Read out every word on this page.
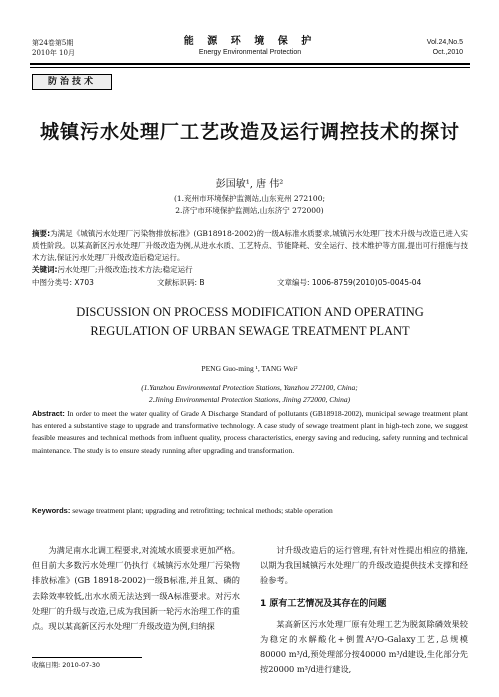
第24卷第5期
2010年 10月
能 源 环 境 保 护
Energy Environmental Protection
Vol.24,No.5
Oct.,2010
防治技术
城镇污水处理厂工艺改造及运行调控技术的探讨
彭国敏¹, 唐 伟²
(1.兖州市环境保护监测站,山东兖州 272100;
2.济宁市环境保护监测站,山东济宁 272000)
摘要:为满足《城镇污水处理厂污染物排放标准》(GB18918-2002)的一级A标准水质要求,城镇污水处理厂技术升级与改造已进入实质性阶段。以某高新区污水处理厂升级改造为例,从进水水质、工艺特点、节能降耗、安全运行、技术维护等方面,提出可行措施与技术方法,保证污水处理厂升级改造后稳定运行。
关键词:污水处理厂;升级改造;技术方法;稳定运行
中图分类号: X703	文献标识码: B	文章编号: 1006-8759(2010)05-0045-04
DISCUSSION ON PROCESS MODIFICATION AND OPERATING REGULATION OF URBAN SEWAGE TREATMENT PLANT
PENG Guo-ming ¹, TANG Wei²
(1.Yanzhou Environmental Protection Stations, Yanzhou 272100, China;
2.Jining Environmental Protection Stations, Jining 272000, China)
Abstract: In order to meet the water quality of Grade A Discharge Standard of pollutants (GB18918-2002), municipal sewage treatment plant has entered a substantive stage to upgrade and transformative technology. A case study of sewage treatment plant in high-tech zone, we suggest feasible measures and technical methods from influent quality, process characteristics, energy saving and reducing, safety running and technical maintenance. The study is to ensure steady running after upgrading and transformation.
Keywords: sewage treatment plant; upgrading and retrofitting; technical methods; stable operation
为满足南水北调工程要求,对流域水质要求更加严格。但目前大多数污水处理厂仍执行《城镇污水处理厂污染物排放标准》(GB 18918-2002)一级B标准,并且氮、磷的去除效率较低,出水水质无法达到一级A标准要求。对污水处理厂的升级与改造,已成为我国新一轮污水治理工作的重点。现以某高新区污水处理厂升级改造为例,归纳探

讨升级改造后的运行管理,有针对性提出相应的措施,以期为我国城镇污水处理厂的升级改造提供技术支撑和经验参考。

1 原有工艺情况及其存在的问题

某高新区污水处理厂原有处理工艺为脱氮除磷效果较为稳定的水解酸化+倒置A²/O-Galaxy工艺,总规模80000 m³/d,预处理部分按40000 m³/d建设,生化部分先按20000 m³/d进行建设,

收稿日期: 2010-07-30
